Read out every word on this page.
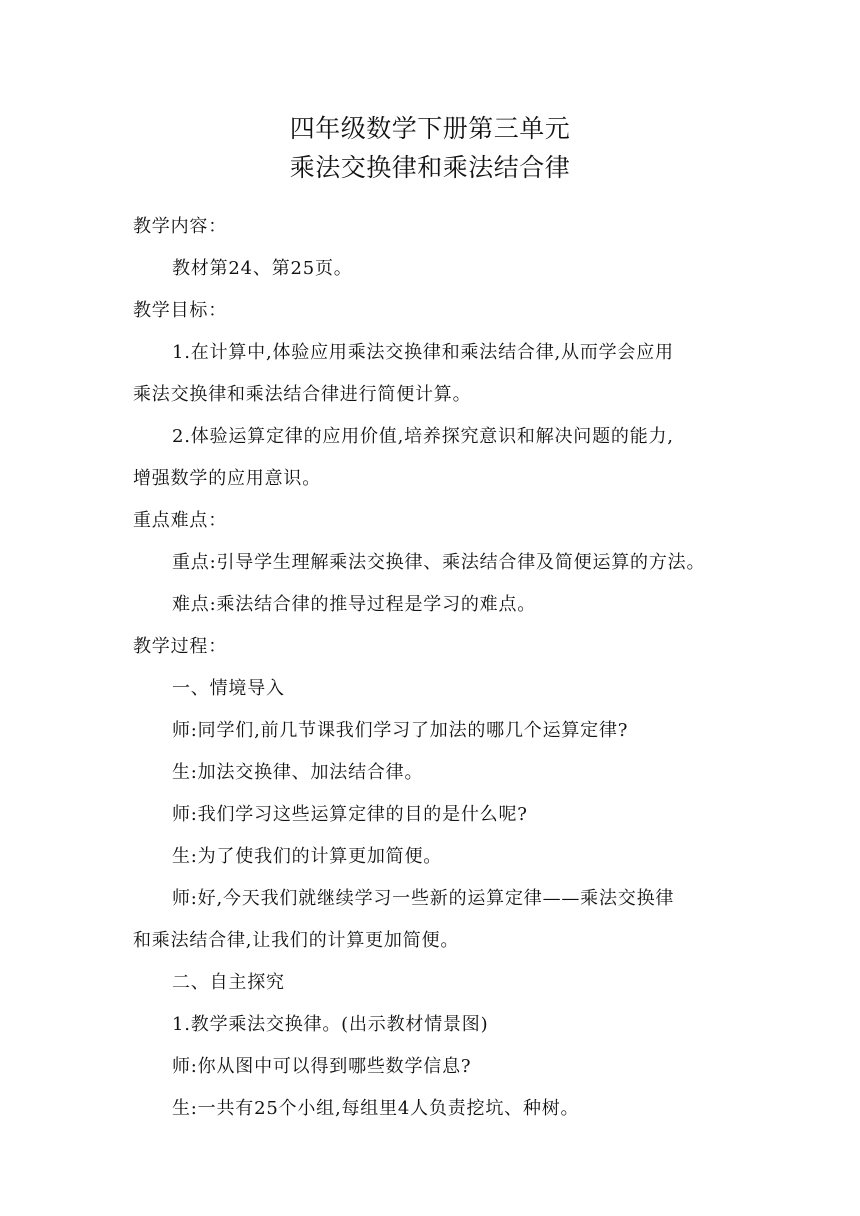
四年级数学下册第三单元
乘法交换律和乘法结合律
教学内容：
教材第24、第25页。
教学目标：
1.在计算中,体验应用乘法交换律和乘法结合律,从而学会应用
乘法交换律和乘法结合律进行简便计算。
2.体验运算定律的应用价值,培养探究意识和解决问题的能力,
增强数学的应用意识。
重点难点：
重点:引导学生理解乘法交换律、乘法结合律及简便运算的方法。
难点:乘法结合律的推导过程是学习的难点。
教学过程：
一、情境导入
师:同学们,前几节课我们学习了加法的哪几个运算定律?
生:加法交换律、加法结合律。
师:我们学习这些运算定律的目的是什么呢?
生:为了使我们的计算更加简便。
师:好,今天我们就继续学习一些新的运算定律——乘法交换律
和乘法结合律,让我们的计算更加简便。
二、自主探究
1.教学乘法交换律。(出示教材情景图)
师:你从图中可以得到哪些数学信息?
生:一共有25个小组,每组里4人负责挖坑、种树。
